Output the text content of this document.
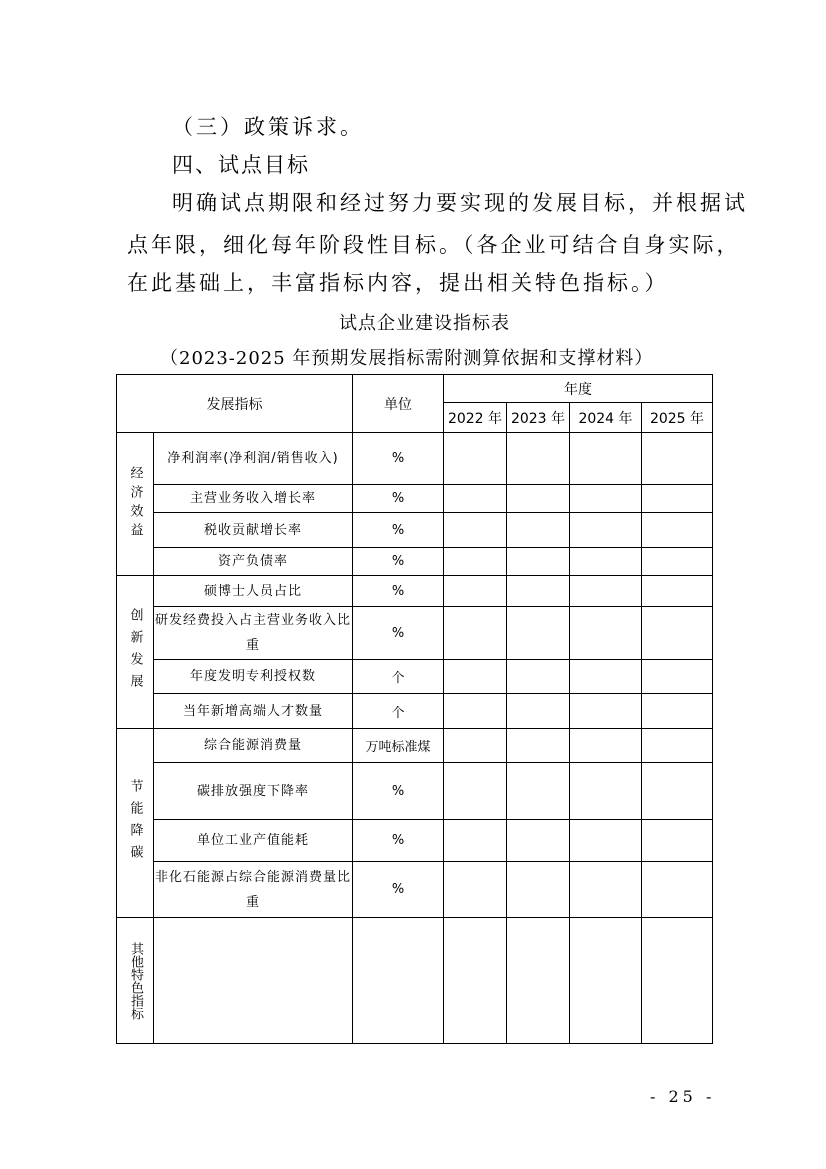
（三）政策诉求。
四、试点目标
明确试点期限和经过努力要实现的发展目标，并根据试
点年限，细化每年阶段性目标。（各企业可结合自身实际，
在此基础上，丰富指标内容，提出相关特色指标。）
试点企业建设指标表
（2023-2025 年预期发展指标需附测算依据和支撑材料）
发展指标		单位	年度			
			2022 年	2023 年	2024 年	2025 年
经济效益	净利润率(净利润/销售收入)	%				
	主营业务收入增长率	%				
	税收贡献增长率	%				
	资产负债率	%				
创新发展	硕博士人员占比	%				
	研发经费投入占主营业务收入比重	%				
	年度发明专利授权数	个				
	当年新增高端人才数量	个				
节能降碳	综合能源消费量	万吨标准煤				
	碳排放强度下降率	%				
	单位工业产值能耗	%				
	非化石能源占综合能源消费量比重	%				
其他特色指标						
- 25 -
